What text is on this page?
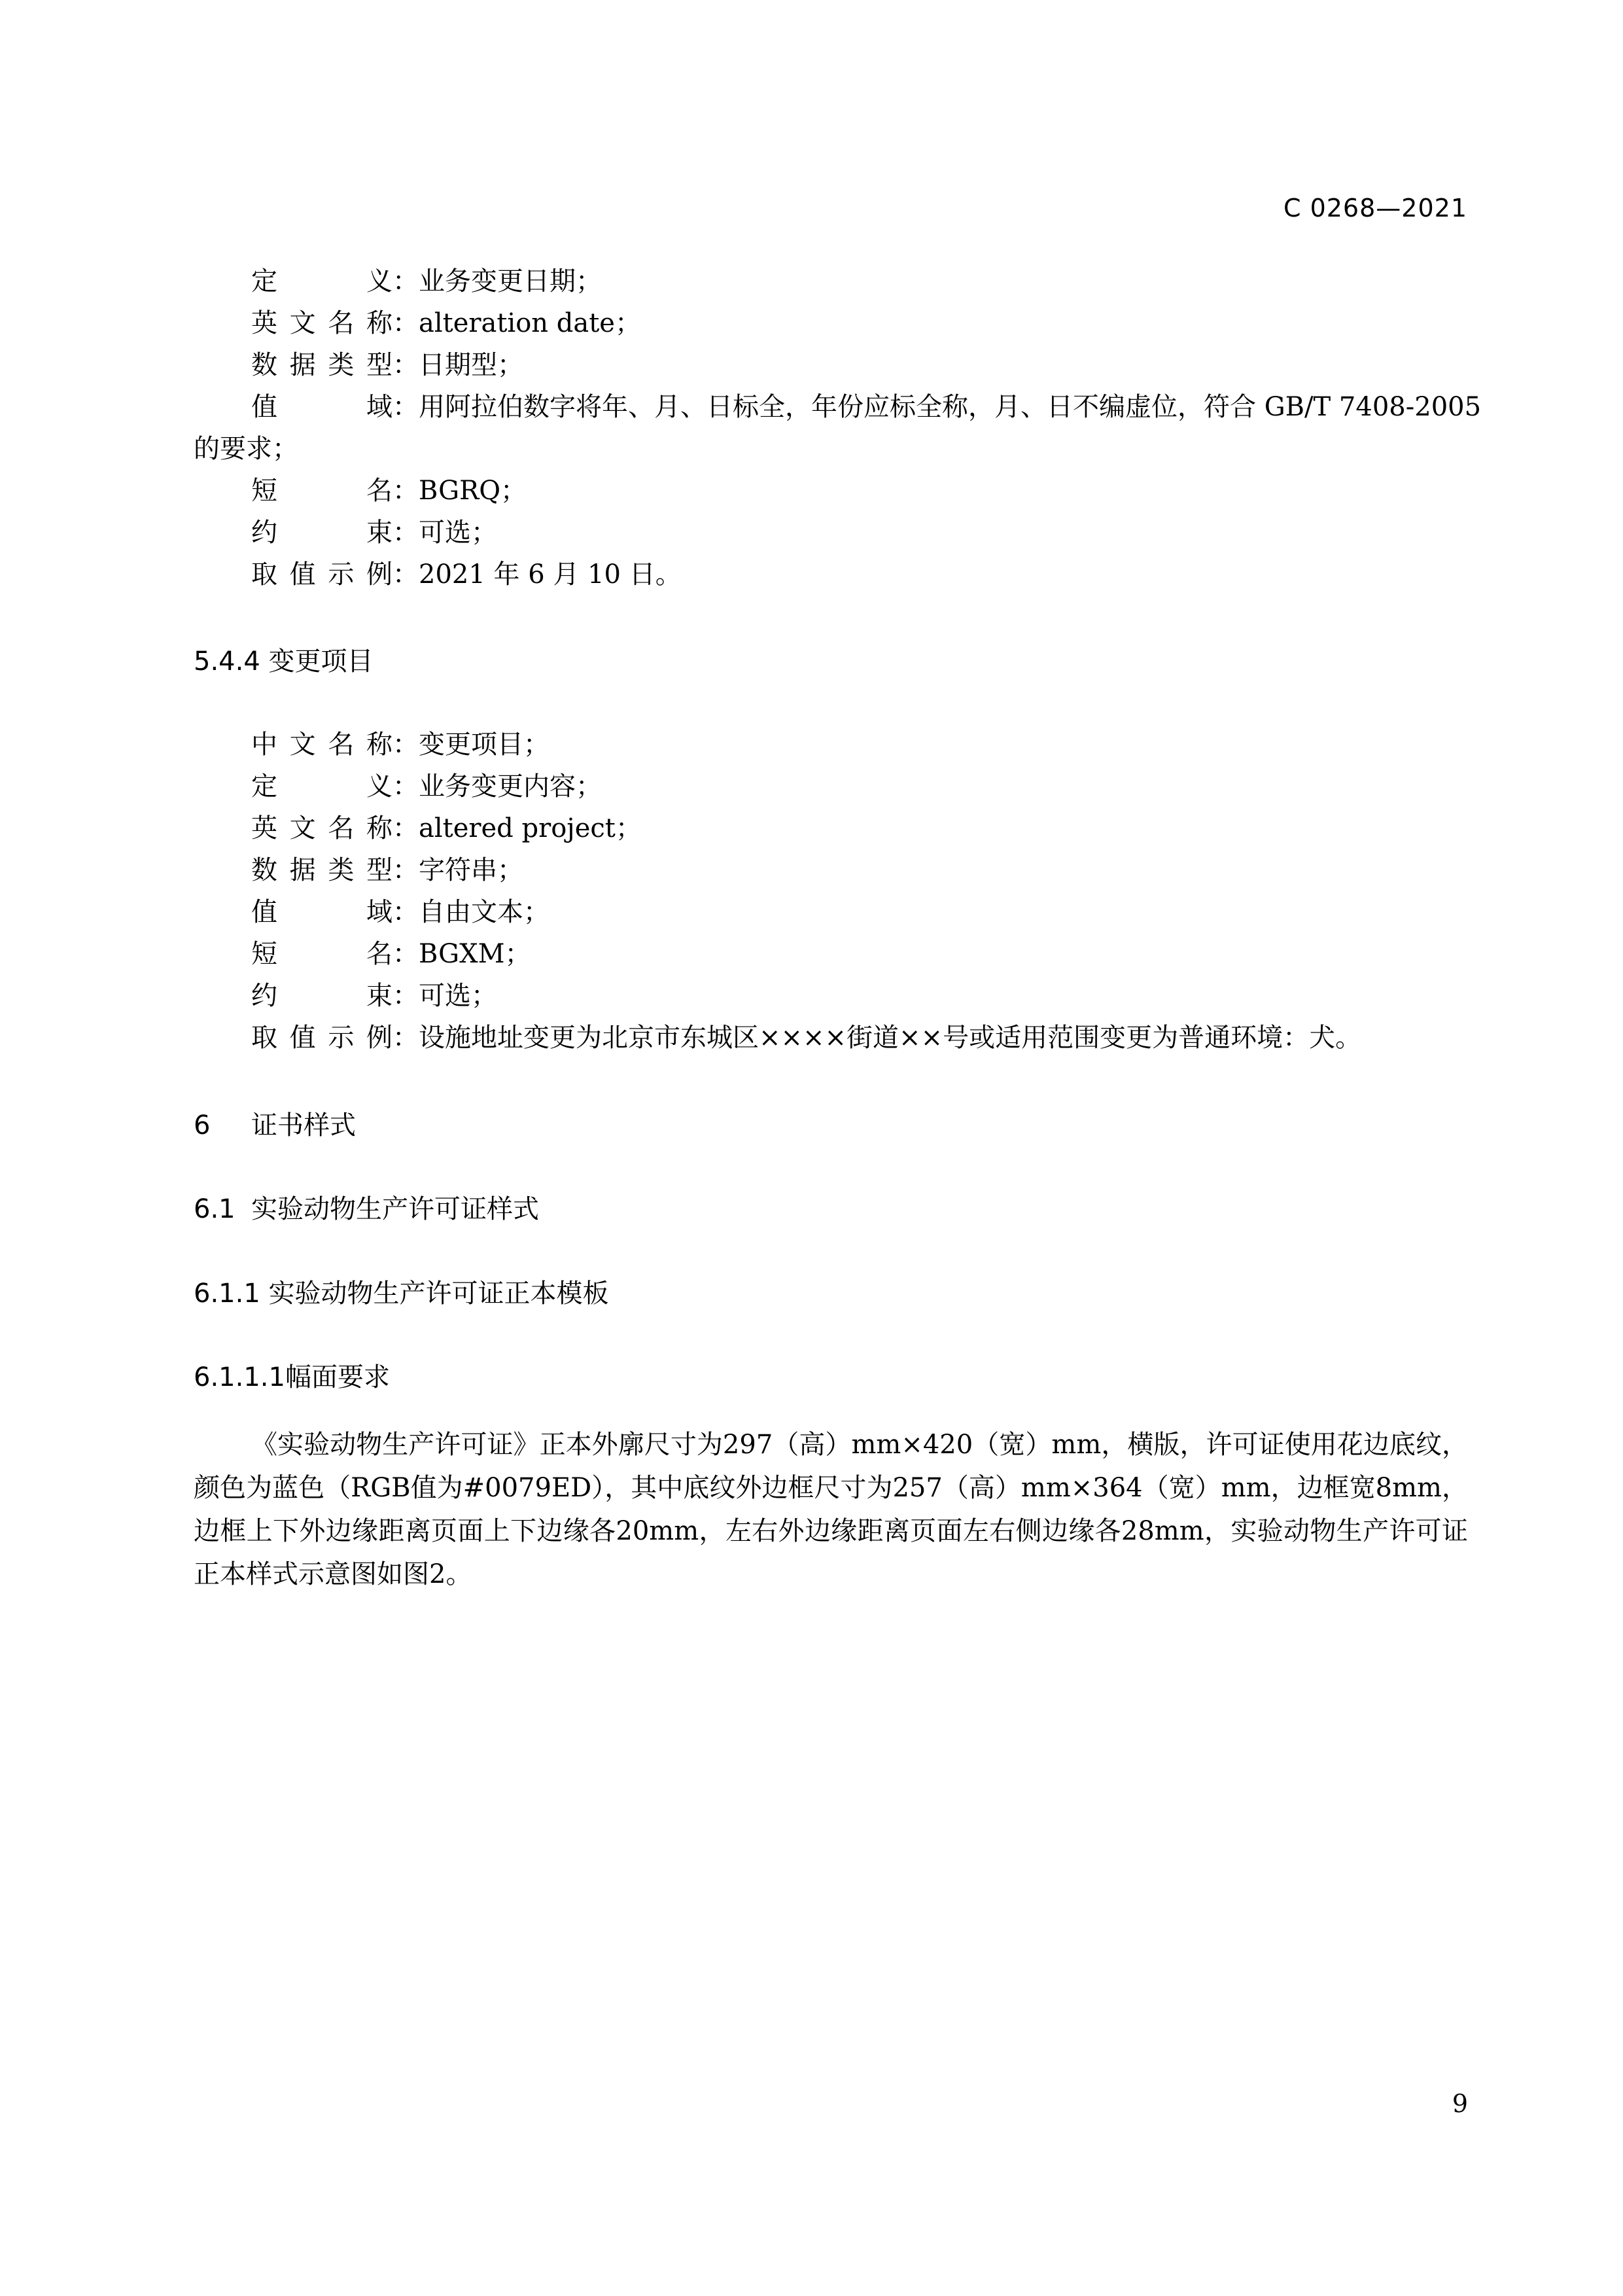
C 0268—2021
定义：业务变更日期；
英文名称：alteration date；
数据类型：日期型；
值域：用阿拉伯数字将年、月、日标全，年份应标全称，月、日不编虚位，符合 GB/T 7408-2005
的要求；
短名：BGRQ；
约束：可选；
取值示例：2021 年 6 月 10 日。
5.4.4 变更项目
中文名称：变更项目；
定义：业务变更内容；
英文名称：altered project；
数据类型：字符串；
值域：自由文本；
短名：BGXM；
约束：可选；
取值示例：设施地址变更为北京市东城区××××街道××号或适用范围变更为普通环境：犬。
6 证书样式
6.1 实验动物生产许可证样式
6.1.1 实验动物生产许可证正本模板
6.1.1.1幅面要求
《实验动物生产许可证》正本外廓尺寸为297（高）mm×420（宽）mm，横版，许可证使用花边底纹，颜色为蓝色（RGB值为#0079ED），其中底纹外边框尺寸为257（高）mm×364（宽）mm，边框宽8mm，边框上下外边缘距离页面上下边缘各20mm，左右外边缘距离页面左右侧边缘各28mm，实验动物生产许可证正本样式示意图如图2。
9
